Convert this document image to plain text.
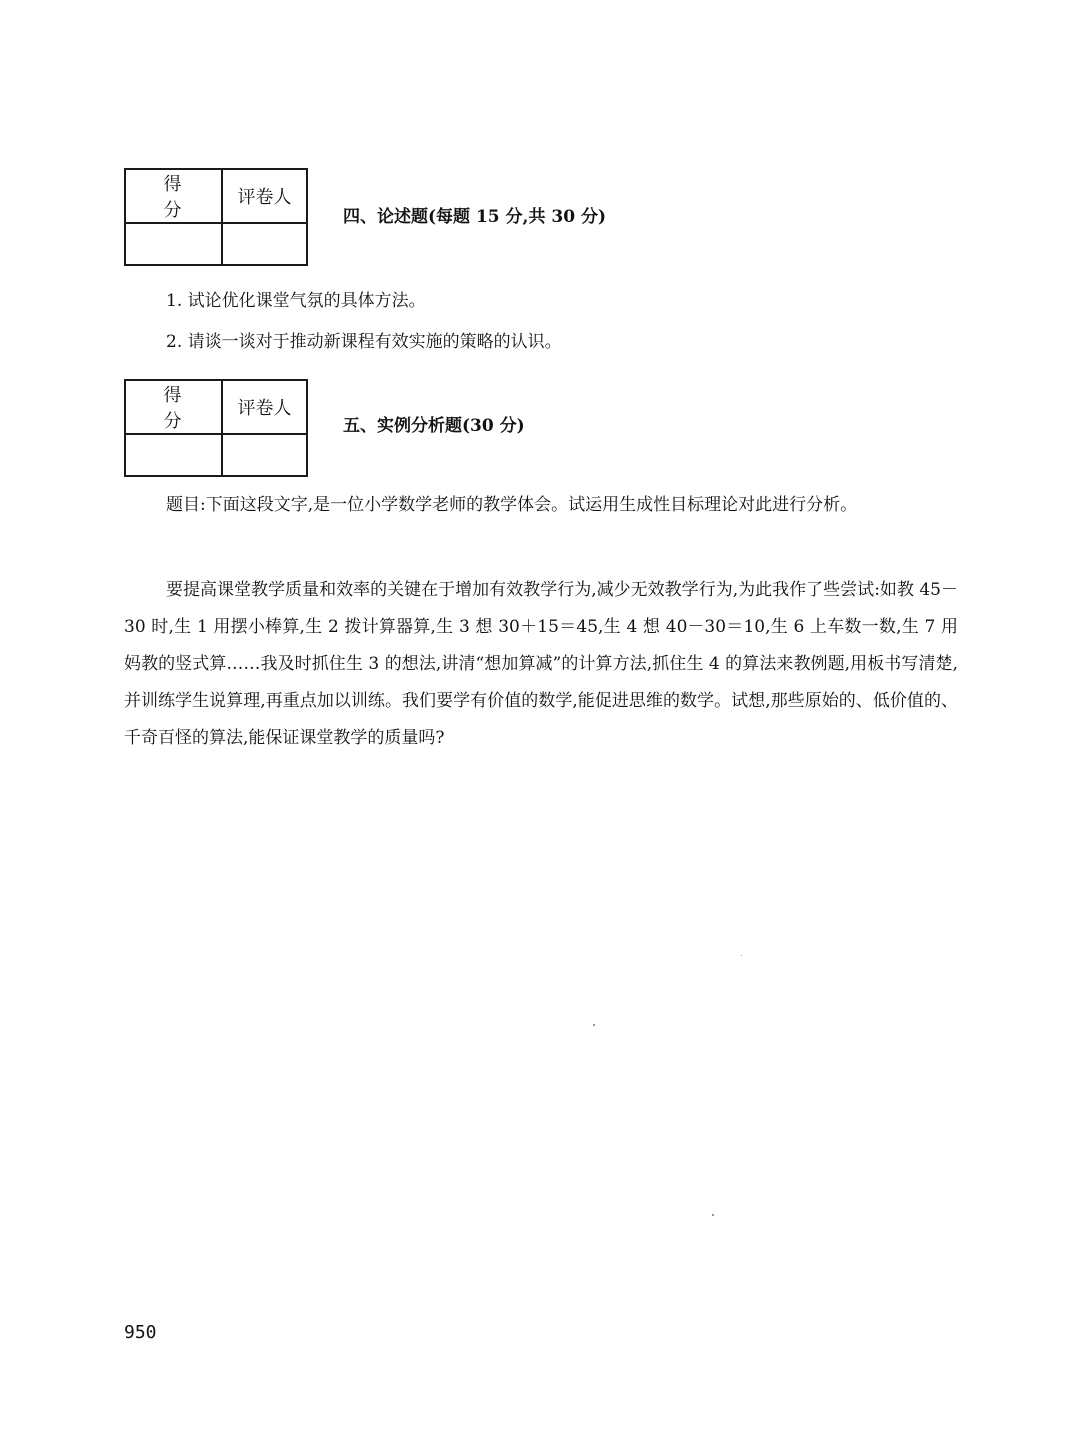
得 分	评卷人

四、论述题(每题 15 分,共 30 分)
1. 试论优化课堂气氛的具体方法。
2. 请谈一谈对于推动新课程有效实施的策略的认识。
得 分	评卷人

五、实例分析题(30 分)

题目:下面这段文字,是一位小学数学老师的教学体会。试运用生成性目标理论对此进行分析。

要提高课堂教学质量和效率的关键在于增加有效教学行为,减少无效教学行为,为此我作了些尝试:如教 45－30 时,生 1 用摆小棒算,生 2 拨计算器算,生 3 想 30＋15＝45,生 4 想 40－30＝10,生 6 上车数一数,生 7 用妈教的竖式算……我及时抓住生 3 的想法,讲清“想加算减”的计算方法,抓住生 4 的算法来教例题,用板书写清楚,并训练学生说算理,再重点加以训练。我们要学有价值的数学,能促进思维的数学。试想,那些原始的、低价值的、千奇百怪的算法,能保证课堂教学的质量吗?

950
